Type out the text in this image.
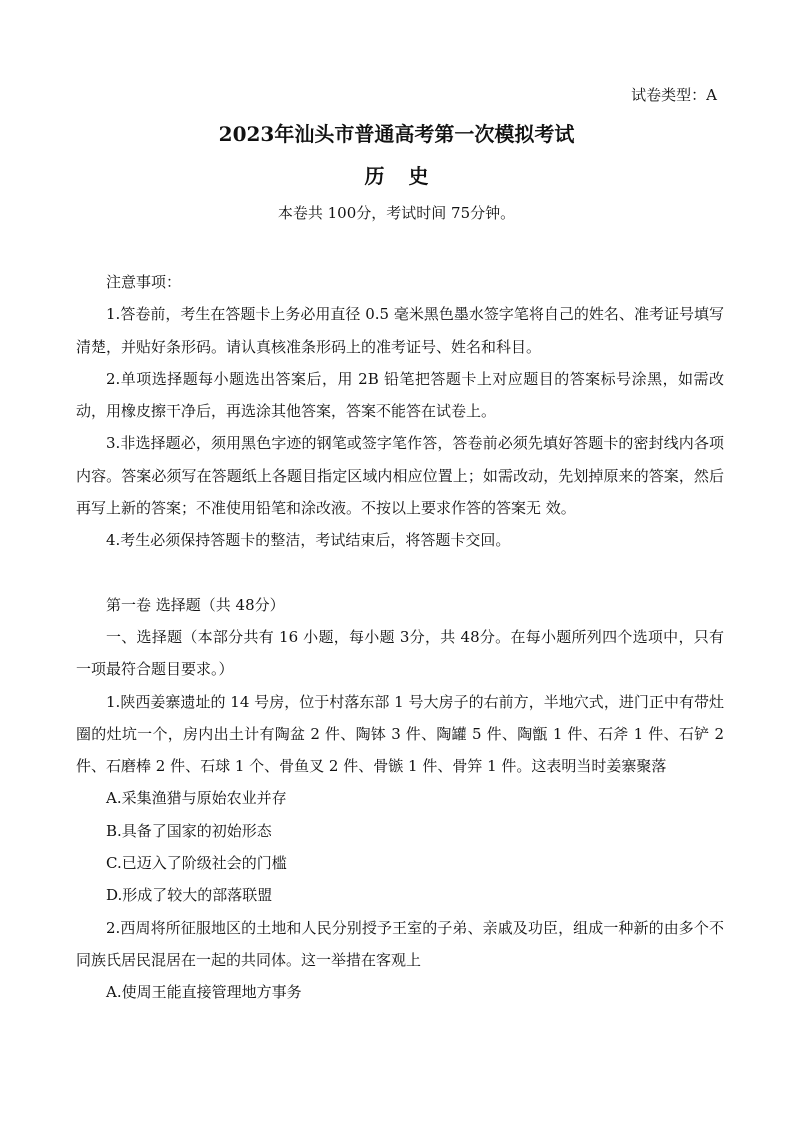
试卷类型：A
2023年汕头市普通高考第一次模拟考试
历史
本卷共 100分，考试时间 75分钟。

注意事项：

1.答卷前，考生在答题卡上务必用直径 0.5 毫米黑色墨水签字笔将自己的姓名、准考证号填写清楚，并贴好条形码。请认真核准条形码上的准考证号、姓名和科目。

2.单项选择题每小题选出答案后，用 2B 铅笔把答题卡上对应题目的答案标号涂黑，如需改动，用橡皮擦干净后，再选涂其他答案，答案不能答在试卷上。

3.非选择题必，须用黑色字迹的钢笔或签字笔作答，答卷前必须先填好答题卡的密封线内各项内容。答案必须写在答题纸上各题目指定区域内相应位置上；如需改动，先划掉原来的答案，然后再写上新的答案；不准使用铅笔和涂改液。不按以上要求作答的答案无 效。

4.考生必须保持答题卡的整洁，考试结束后，将答题卡交回。

第一卷 选择题（共 48分）

一、选择题（本部分共有 16 小题，每小题 3分，共 48分。在每小题所列四个选项中，只有一项最符合题目要求。）

1.陕西姜寨遗址的 14 号房，位于村落东部 1 号大房子的右前方，半地穴式，进门正中有带灶圈的灶坑一个，房内出土计有陶盆 2 件、陶钵 3 件、陶罐 5 件、陶甑 1 件、石斧 1 件、石铲 2 件、石磨棒 2 件、石球 1 个、骨鱼叉 2 件、骨镞 1 件、骨笄 1 件。这表明当时姜寨聚落

A.采集渔猎与原始农业并存

B.具备了国家的初始形态

C.已迈入了阶级社会的门槛

D.形成了较大的部落联盟

2.西周将所征服地区的土地和人民分别授予王室的子弟、亲戚及功臣，组成一种新的由多个不同族氏居民混居在一起的共同体。这一举措在客观上

A.使周王能直接管理地方事务
